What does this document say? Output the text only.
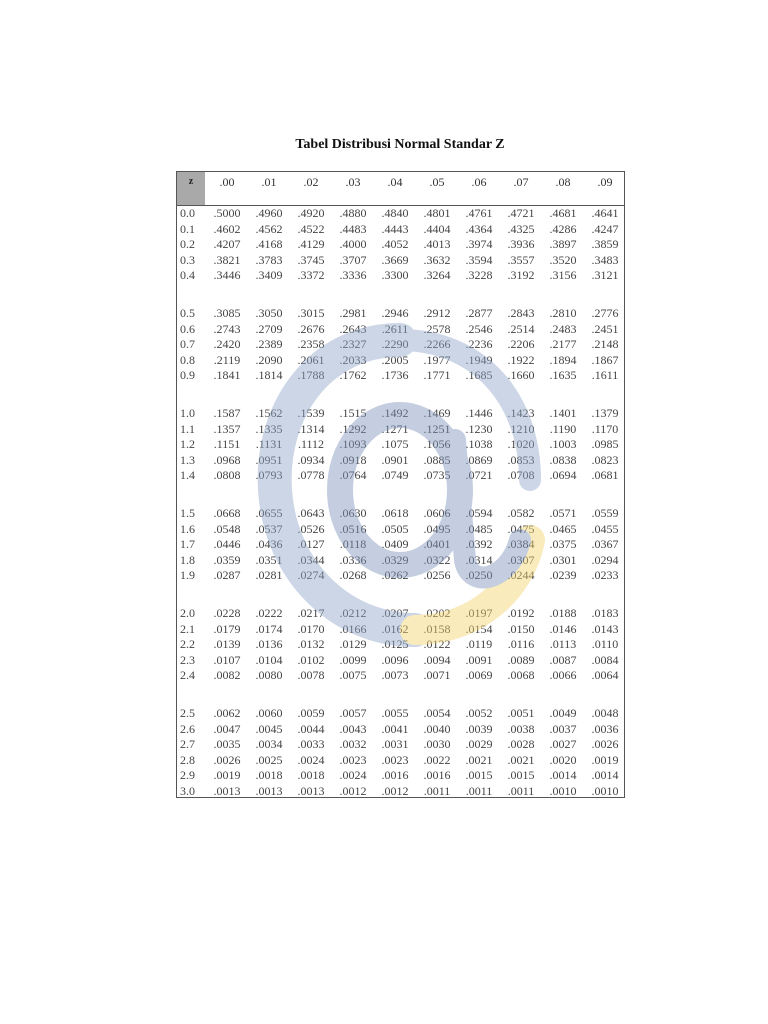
Tabel Distribusi Normal Standar Z
z	.00	.01	.02	.03	.04	.05	.06	.07	.08	.09
0.0	.5000	.4960	.4920	.4880	.4840	.4801	.4761	.4721	.4681	.4641
0.1	.4602	.4562	.4522	.4483	.4443	.4404	.4364	.4325	.4286	.4247
0.2	.4207	.4168	.4129	.4000	.4052	.4013	.3974	.3936	.3897	.3859
0.3	.3821	.3783	.3745	.3707	.3669	.3632	.3594	.3557	.3520	.3483
0.4	.3446	.3409	.3372	.3336	.3300	.3264	.3228	.3192	.3156	.3121
0.5	.3085	.3050	.3015	.2981	.2946	.2912	.2877	.2843	.2810	.2776
0.6	.2743	.2709	.2676	.2643	.2611	.2578	.2546	.2514	.2483	.2451
0.7	.2420	.2389	.2358	.2327	.2290	.2266	.2236	.2206	.2177	.2148
0.8	.2119	.2090	.2061	.2033	.2005	.1977	.1949	.1922	.1894	.1867
0.9	.1841	.1814	.1788	.1762	.1736	.1771	.1685	.1660	.1635	.1611
1.0	.1587	.1562	.1539	.1515	.1492	.1469	.1446	.1423	.1401	.1379
1.1	.1357	.1335	.1314	.1292	.1271	.1251	.1230	.1210	.1190	.1170
1.2	.1151	.1131	.1112	.1093	.1075	.1056	.1038	.1020	.1003	.0985
1.3	.0968	.0951	.0934	.0918	.0901	.0885	.0869	.0853	.0838	.0823
1.4	.0808	.0793	.0778	.0764	.0749	.0735	.0721	.0708	.0694	.0681
1.5	.0668	.0655	.0643	.0630	.0618	.0606	.0594	.0582	.0571	.0559
1.6	.0548	.0537	.0526	.0516	.0505	.0495	.0485	.0475	.0465	.0455
1.7	.0446	.0436	.0127	.0118	.0409	.0401	.0392	.0384	.0375	.0367
1.8	.0359	.0351	.0344	.0336	.0329	.0322	.0314	.0307	.0301	.0294
1.9	.0287	.0281	.0274	.0268	.0262	.0256	.0250	.0244	.0239	.0233
2.0	.0228	.0222	.0217	.0212	.0207	.0202	.0197	.0192	.0188	.0183
2.1	.0179	.0174	.0170	.0166	.0162	.0158	.0154	.0150	.0146	.0143
2.2	.0139	.0136	.0132	.0129	.0125	.0122	.0119	.0116	.0113	.0110
2.3	.0107	.0104	.0102	.0099	.0096	.0094	.0091	.0089	.0087	.0084
2.4	.0082	.0080	.0078	.0075	.0073	.0071	.0069	.0068	.0066	.0064
2.5	.0062	.0060	.0059	.0057	.0055	.0054	.0052	.0051	.0049	.0048
2.6	.0047	.0045	.0044	.0043	.0041	.0040	.0039	.0038	.0037	.0036
2.7	.0035	.0034	.0033	.0032	.0031	.0030	.0029	.0028	.0027	.0026
2.8	.0026	.0025	.0024	.0023	.0023	.0022	.0021	.0021	.0020	.0019
2.9	.0019	.0018	.0018	.0024	.0016	.0016	.0015	.0015	.0014	.0014
3.0	.0013	.0013	.0013	.0012	.0012	.0011	.0011	.0011	.0010	.0010
